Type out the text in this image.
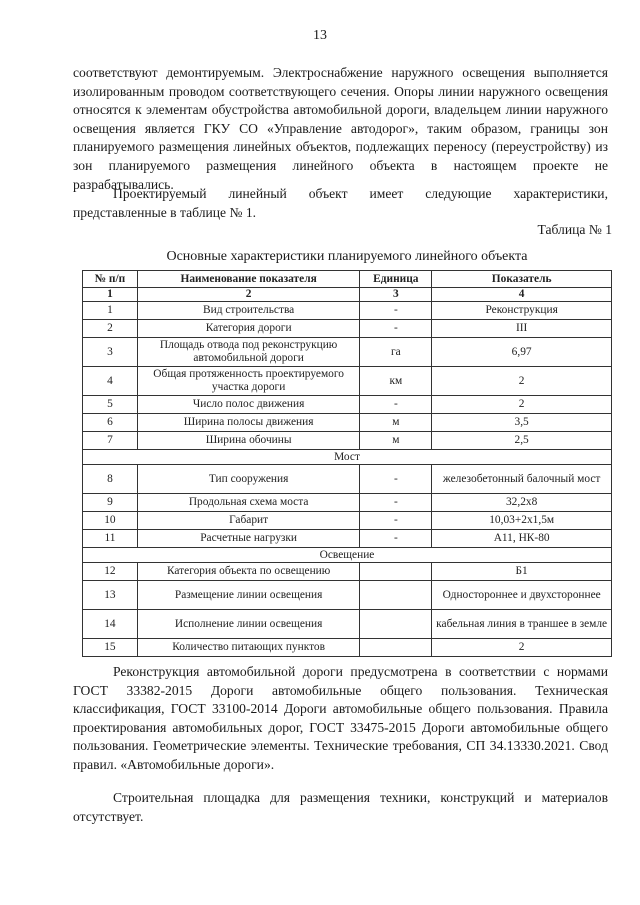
13

соответствуют демонтируемым. Электроснабжение наружного освещения выполняется изолированным проводом соответствующего сечения. Опоры линии наружного освещения относятся к элементам обустройства автомобильной дороги, владельцем линии наружного освещения является ГКУ СО «Управление автодорог», таким образом, границы зон планируемого размещения линейных объектов, подлежащих переносу (переустройству) из зон планируемого размещения линейного объекта в настоящем проекте не разрабатывались.

Проектируемый линейный объект имеет следующие характеристики, представленные в таблице № 1.

Таблица № 1
Основные характеристики планируемого линейного объекта
№ п/п	Наименование показателя	Единица	Показатель
1	2	3	4
1	Вид строительства	-	Реконструкция
2	Категория дороги	-	III
3	Площадь отвода под реконструкцию автомобильной дороги	га	6,97
4	Общая протяженность проектируемого участка дороги	км	2
5	Число полос движения	-	2
6	Ширина полосы движения	м	3,5
7	Ширина обочины	м	2,5
Мост			
8	Тип сооружения	-	железобетонный балочный мост
9	Продольная схема моста	-	32,2х8
10	Габарит	-	10,03+2х1,5м
11	Расчетные нагрузки	-	А11, НК-80
Освещение			
12	Категория объекта по освещению		Б1
13	Размещение линии освещения		Одностороннее и двухстороннее
14	Исполнение линии освещения		кабельная линия в траншее в земле
15	Количество питающих пунктов		2

Реконструкция автомобильной дороги предусмотрена в соответствии с нормами ГОСТ 33382-2015 Дороги автомобильные общего пользования. Техническая классификация, ГОСТ 33100-2014 Дороги автомобильные общего пользования. Правила проектирования автомобильных дорог, ГОСТ 33475-2015 Дороги автомобильные общего пользования. Геометрические элементы. Технические требования, СП 34.13330.2021. Свод правил. «Автомобильные дороги».

Строительная площадка для размещения техники, конструкций и материалов отсутствует.
